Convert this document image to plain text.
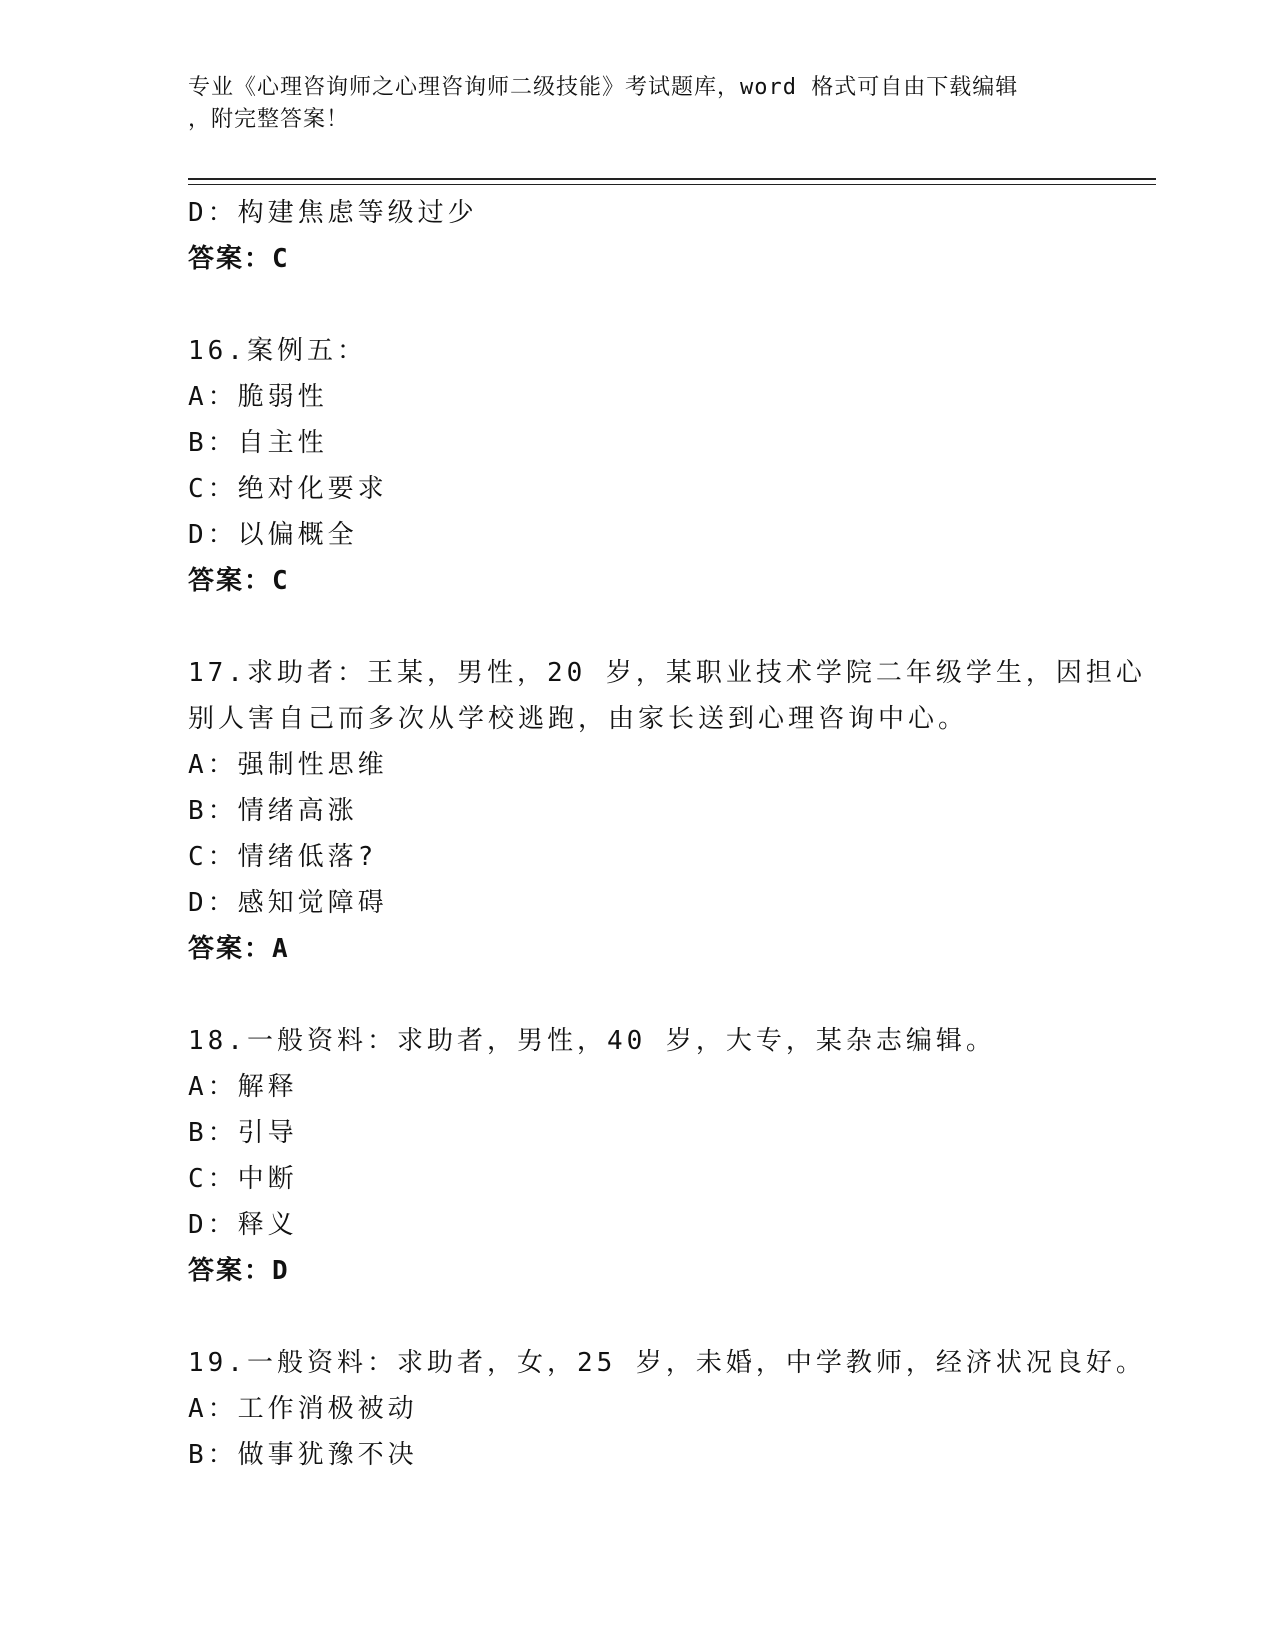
专业《心理咨询师之心理咨询师二级技能》考试题库，word 格式可自由下载编辑
，附完整答案！
D：构建焦虑等级过少
答案：C
16.案例五：
A：脆弱性
B：自主性
C：绝对化要求
D：以偏概全
答案：C
17.求助者：王某，男性，20 岁，某职业技术学院二年级学生，因担心
别人害自己而多次从学校逃跑，由家长送到心理咨询中心。
A：强制性思维
B：情绪高涨
C：情绪低落?
D：感知觉障碍
答案：A
18.一般资料：求助者，男性，40 岁，大专，某杂志编辑。
A：解释
B：引导
C：中断
D：释义
答案：D
19.一般资料：求助者，女，25 岁，未婚，中学教师，经济状况良好。
A：工作消极被动
B：做事犹豫不决
